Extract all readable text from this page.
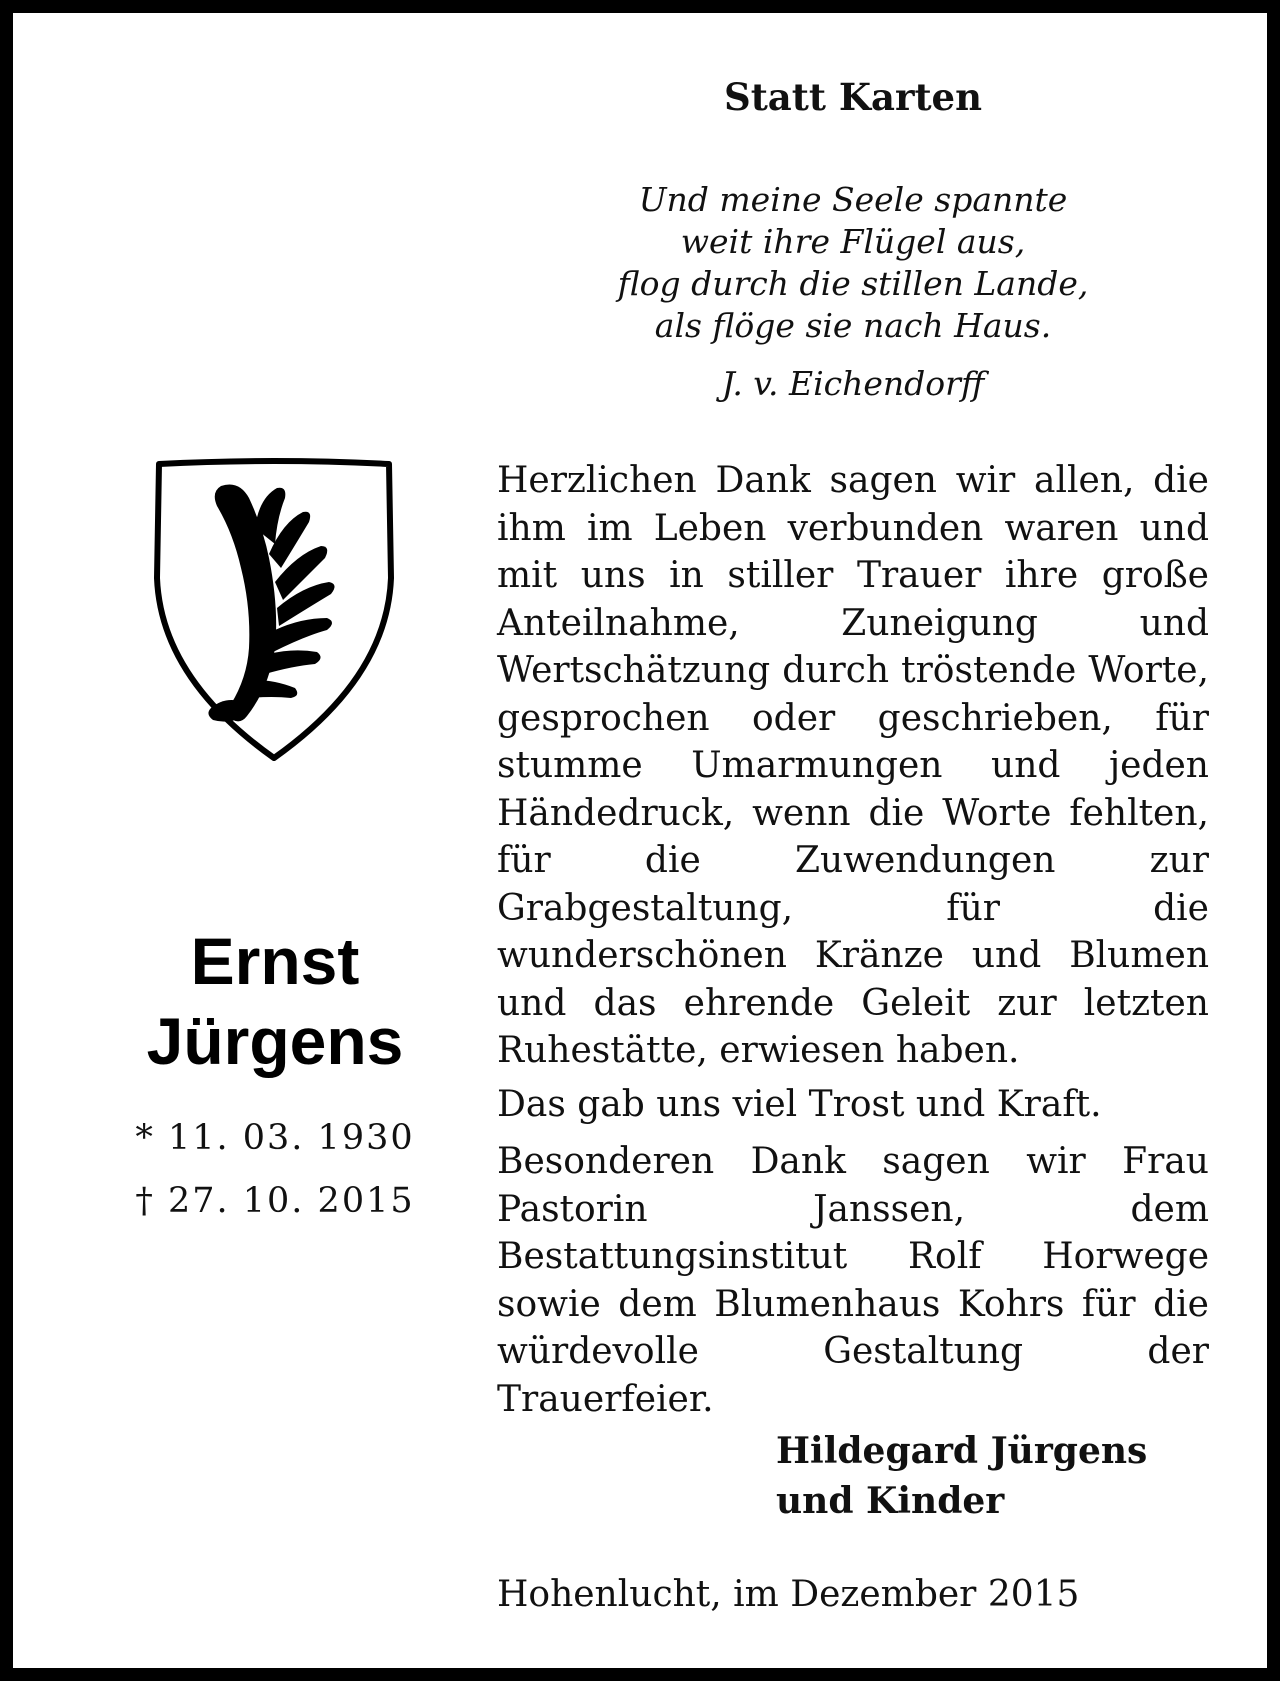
Statt Karten
Und meine Seele spannte
weit ihre Flügel aus,
flog durch die stillen Lande,
als flöge sie nach Haus.
J. v. Eichendorff
Ernst
Jürgens
* 11. 03. 1930
† 27. 10. 2015
Herzlichen Dank sagen wir allen, die ihm im Leben verbunden waren und mit uns in stiller Trauer ihre große Anteilnahme, Zuneigung und Wertschätzung durch tröstende Worte, gesprochen oder geschrieben, für stumme Umarmungen und jeden Händedruck, wenn die Worte fehlten, für die Zuwendungen zur Grabgestaltung, für die wunderschönen Kränze und Blumen und das ehrende Geleit zur letzten Ruhestätte, erwiesen haben.
Das gab uns viel Trost und Kraft.
Besonderen Dank sagen wir Frau Pastorin Janssen, dem Bestattungsinstitut Rolf Horwege sowie dem Blumenhaus Kohrs für die würdevolle Gestaltung der Trauerfeier.
Hildegard Jürgens
und Kinder
Hohenlucht, im Dezember 2015
